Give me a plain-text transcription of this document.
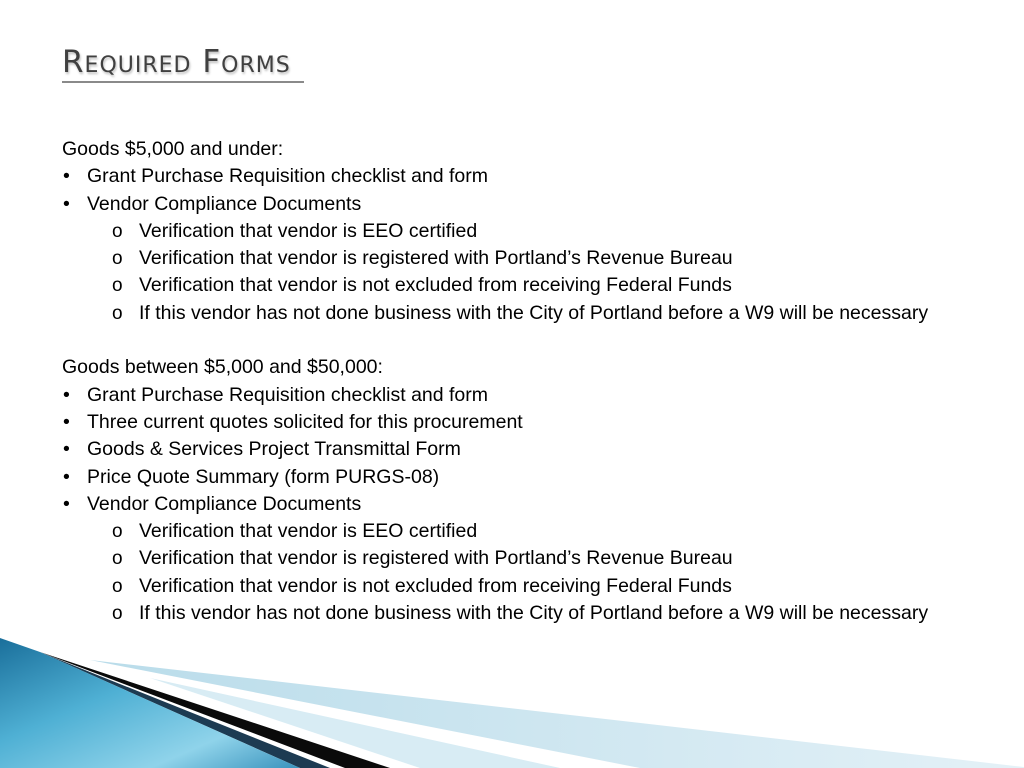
Required Forms
Goods $5,000 and under:
• Grant Purchase Requisition checklist and form
• Vendor Compliance Documents
o Verification that vendor is EEO certified
o Verification that vendor is registered with Portland’s Revenue Bureau
o Verification that vendor is not excluded from receiving Federal Funds
o If this vendor has not done business with the City of Portland before a W9 will be necessary
Goods between $5,000 and $50,000:
• Grant Purchase Requisition checklist and form
• Three current quotes solicited for this procurement
• Goods & Services Project Transmittal Form
• Price Quote Summary (form PURGS-08)
• Vendor Compliance Documents
o Verification that vendor is EEO certified
o Verification that vendor is registered with Portland’s Revenue Bureau
o Verification that vendor is not excluded from receiving Federal Funds
o If this vendor has not done business with the City of Portland before a W9 will be necessary
